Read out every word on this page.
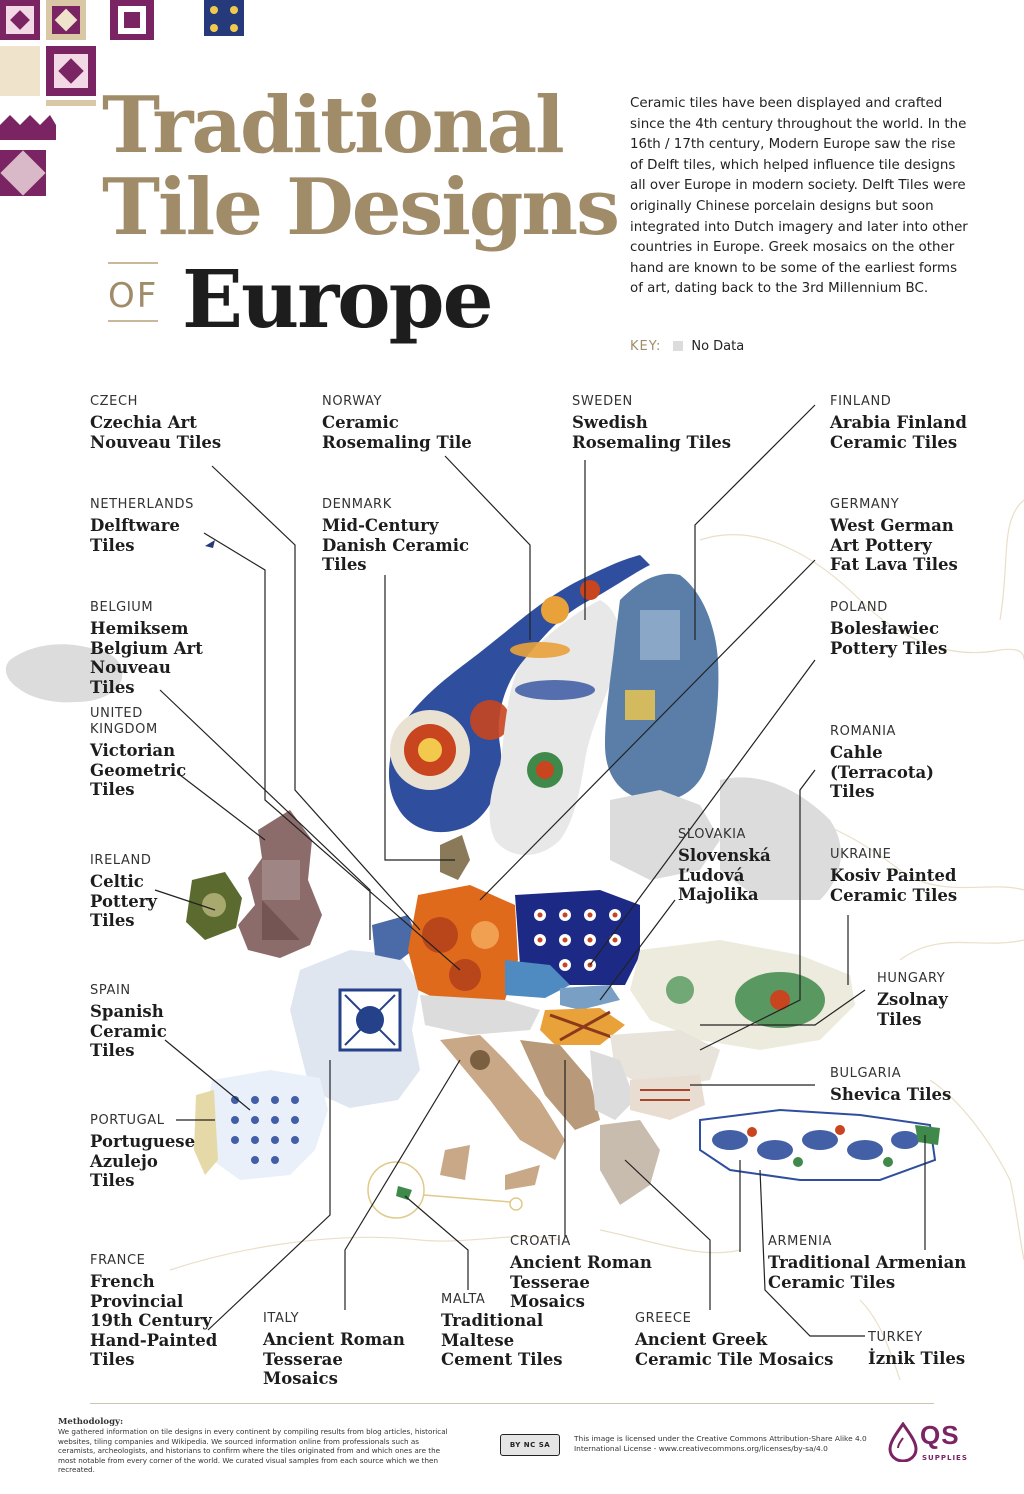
Traditional
Tile Designs
OF Europe
Ceramic tiles have been displayed and crafted since the 4th century throughout the world. In the 16th / 17th century, Modern Europe saw the rise of Delft tiles, which helped influence tile designs all over Europe in modern society. Delft Tiles were originally Chinese porcelain designs but soon integrated into Dutch imagery and later into other countries in Europe. Greek mosaics on the other hand are known to be some of the earliest forms of art, dating back to the 3rd Millennium BC.
KEY: No Data
CZECH
Czechia Art Nouveau Tiles
NORWAY
Ceramic Rosemaling Tile
SWEDEN
Swedish Rosemaling Tiles
FINLAND
Arabia Finland Ceramic Tiles
NETHERLANDS
Delftware Tiles
DENMARK
Mid-Century Danish Ceramic Tiles
GERMANY
West German Art Pottery Fat Lava Tiles
BELGIUM
Hemiksem Belgium Art Nouveau Tiles
POLAND
Bolesławiec Pottery Tiles
UNITED KINGDOM
Victorian Geometric Tiles
ROMANIA
Cahle (Terracota) Tiles
SLOVAKIA
Slovenská Ľudová Majolika
IRELAND
Celtic Pottery Tiles
UKRAINE
Kosiv Painted Ceramic Tiles
HUNGARY
Zsolnay Tiles
SPAIN
Spanish Ceramic Tiles
BULGARIA
Shevica Tiles
PORTUGAL
Portuguese Azulejo Tiles
CROATIA
Ancient Roman Tesserae Mosaics
ARMENIA
Traditional Armenian Ceramic Tiles
FRANCE
French Provincial 19th Century Hand-Painted Tiles
ITALY
Ancient Roman Tesserae Mosaics
MALTA
Traditional Maltese Cement Tiles
GREECE
Ancient Greek Ceramic Tile Mosaics
TURKEY
İznik Tiles
Methodology:
We gathered information on tile designs in every continent by compiling results from blog articles, historical websites, tiling companies and Wikipedia. We sourced information online from professionals such as ceramists, archeologists, and historians to confirm where the tiles originated from and which ones are the most notable from every corner of the world. We curated visual samples from each source which we then recreated.
BY NC SA
This image is licensed under the Creative Commons Attribution-Share Alike 4.0 International License - www.creativecommons.org/licenses/by-sa/4.0	QS
SUPPLIES
